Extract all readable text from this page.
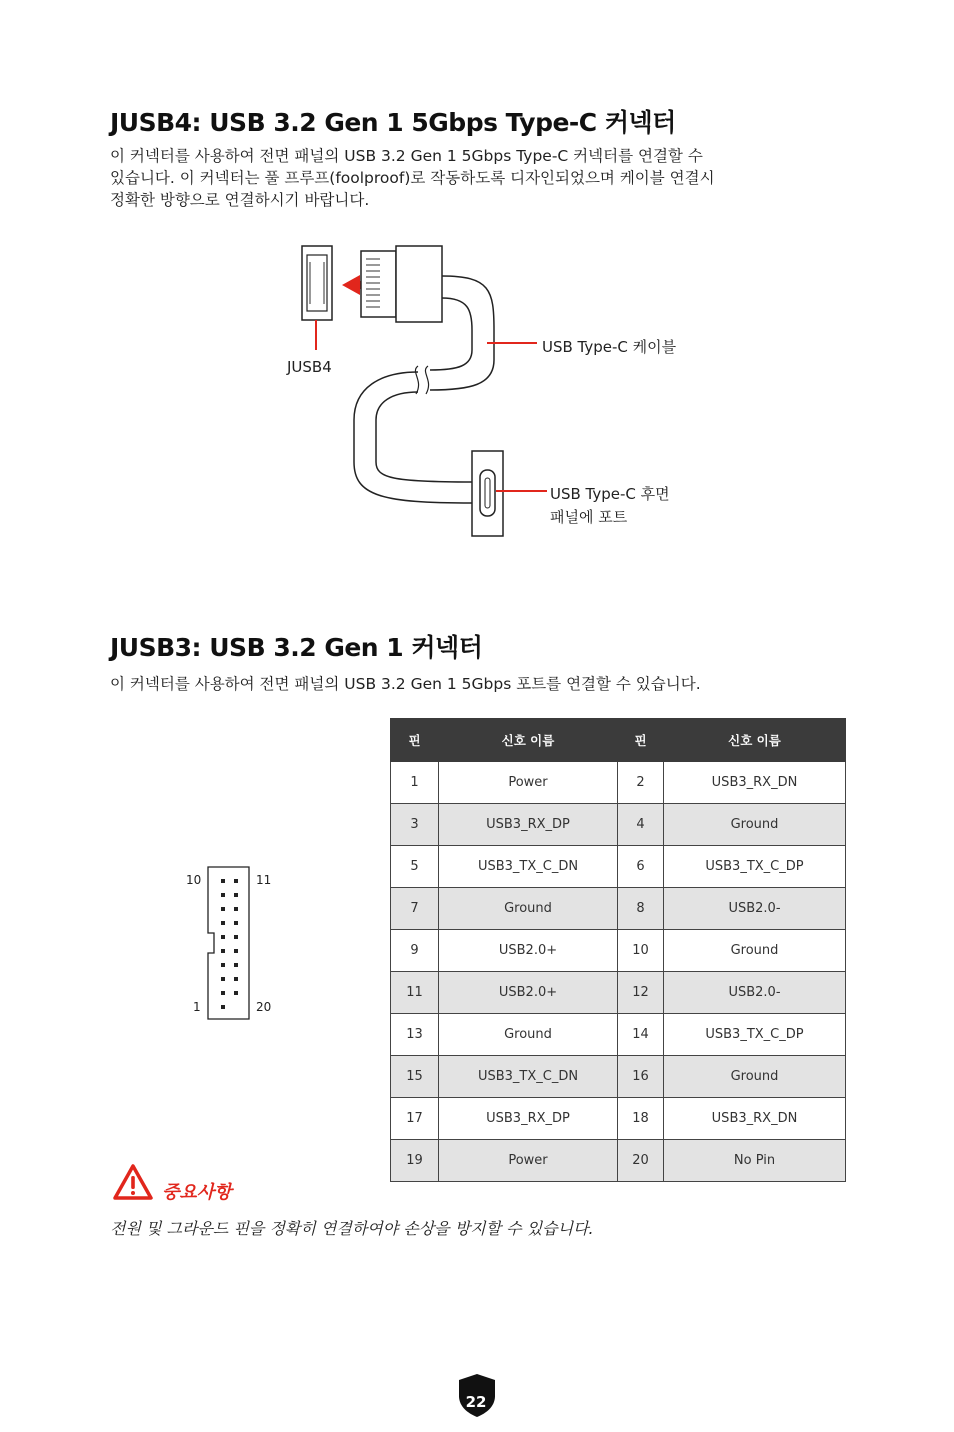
JUSB4: USB 3.2 Gen 1 5Gbps Type-C 커넥터
이 커넥터를 사용하여 전면 패널의 USB 3.2 Gen 1 5Gbps Type-C 커넥터를 연결할 수
있습니다. 이 커넥터는 풀 프루프(foolproof)로 작동하도록 디자인되었으며 케이블 연결시
정확한 방향으로 연결하시기 바랍니다.
JUSB4
USB Type-C 케이블
USB Type-C 후면
패널에 포트
JUSB3: USB 3.2 Gen 1 커넥터
이 커넥터를 사용하여 전면 패널의 USB 3.2 Gen 1 5Gbps 포트를 연결할 수 있습니다.
10	11
1	20
핀	신호 이름	핀	신호 이름
1	Power	2	USB3_RX_DN
3	USB3_RX_DP	4	Ground
5	USB3_TX_C_DN	6	USB3_TX_C_DP
7	Ground	8	USB2.0-
9	USB2.0+	10	Ground
11	USB2.0+	12	USB2.0-
13	Ground	14	USB3_TX_C_DP
15	USB3_TX_C_DN	16	Ground
17	USB3_RX_DP	18	USB3_RX_DN
19	Power	20	No Pin
중요사항
전원 및 그라운드 핀을 정확히 연결하여야 손상을 방지할 수 있습니다.
22
